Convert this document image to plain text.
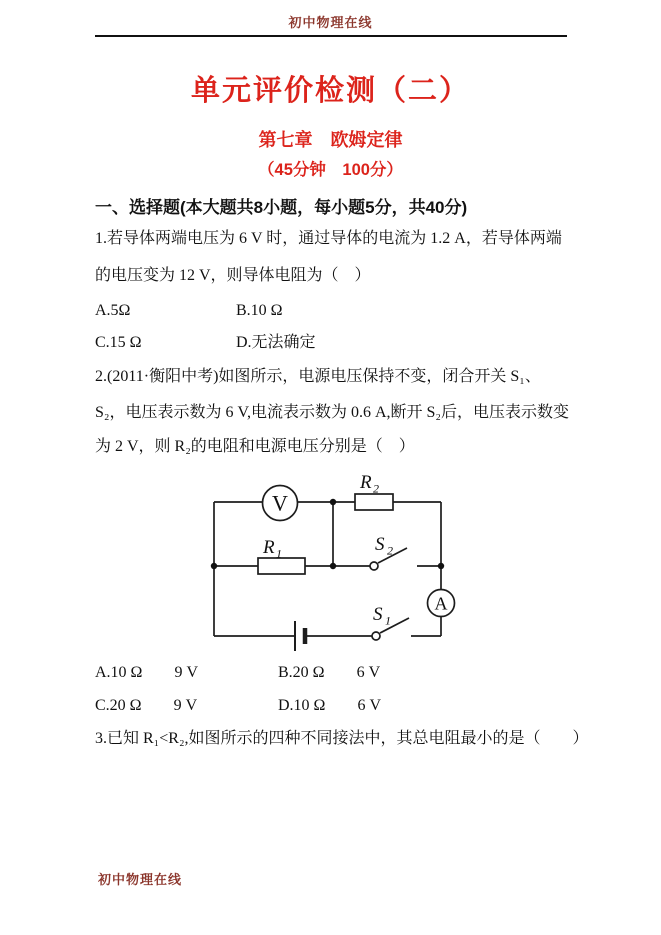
初中物理在线
单元评价检测（二）
第七章　欧姆定律
（45分钟　100分）
一、选择题(本大题共8小题，每小题5分，共40分)
1.若导体两端电压为 6 V 时，通过导体的电流为 1.2 A，若导体两端
的电压变为 12 V，则导体电阻为（　）
A.5Ω	B.10 Ω
C.15 Ω	D.无法确定
2.(2011·衡阳中考)如图所示，电源电压保持不变，闭合开关 S₁、
S₂，电压表示数为 6 V,电流表示数为 0.6 A,断开 S₂后，电压表示数变
为 2 V，则 R₂的电阻和电源电压分别是（　）
V
R 2
R 1	S 2
A
S 1
A.10 Ω　　9 V	B.20 Ω　　6 V
C.20 Ω　　9 V	D.10 Ω　　6 V
3.已知 R₁<R₂,如图所示的四种不同接法中，其总电阻最小的是（　　）
初中物理在线
